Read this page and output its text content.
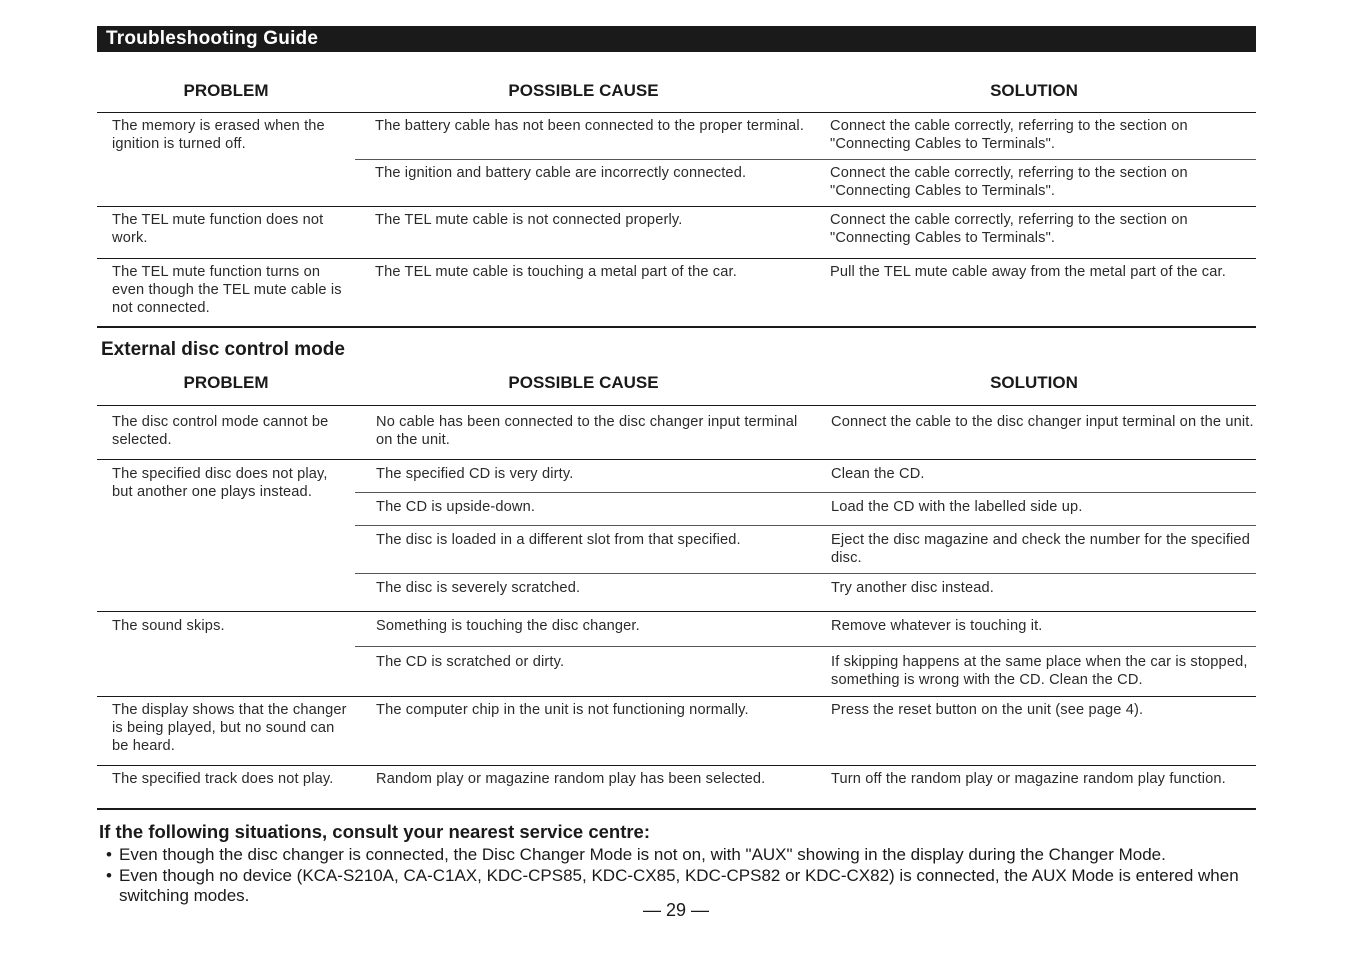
Troubleshooting Guide
PROBLEM	POSSIBLE CAUSE	SOLUTION
The memory is erased when the ignition is turned off.	The battery cable has not been connected to the proper terminal.	Connect the cable correctly, referring to the section on "Connecting Cables to Terminals".
	The ignition and battery cable are incorrectly connected.	Connect the cable correctly, referring to the section on "Connecting Cables to Terminals".
The TEL mute function does not work.	The TEL mute cable is not connected properly.	Connect the cable correctly, referring to the section on "Connecting Cables to Terminals".
The TEL mute function turns on even though the TEL mute cable is not connected.	The TEL mute cable is touching a metal part of the car.	Pull the TEL mute cable away from the metal part of the car.
External disc control mode
PROBLEM	POSSIBLE CAUSE	SOLUTION
The disc control mode cannot be selected.	No cable has been connected to the disc changer input terminal on the unit.	Connect the cable to the disc changer input terminal on the unit.
The specified disc does not play, but another one plays instead.	The specified CD is very dirty.	Clean the CD.
	The CD is upside-down.	Load the CD with the labelled side up.
	The disc is loaded in a different slot from that specified.	Eject the disc magazine and check the number for the specified disc.
	The disc is severely scratched.	Try another disc instead.
The sound skips.	Something is touching the disc changer.	Remove whatever is touching it.
	The CD is scratched or dirty.	If skipping happens at the same place when the car is stopped, something is wrong with the CD. Clean the CD.
The display shows that the changer is being played, but no sound can be heard.	The computer chip in the unit is not functioning normally.	Press the reset button on the unit (see page 4).
The specified track does not play.	Random play or magazine random play has been selected.	Turn off the random play or magazine random play function.
If the following situations, consult your nearest service centre:
• Even though the disc changer is connected, the Disc Changer Mode is not on, with "AUX" showing in the display during the Changer Mode.
• Even though no device (KCA-S210A, CA-C1AX, KDC-CPS85, KDC-CX85, KDC-CPS82 or KDC-CX82) is connected, the AUX Mode is entered when switching modes.
— 29 —
